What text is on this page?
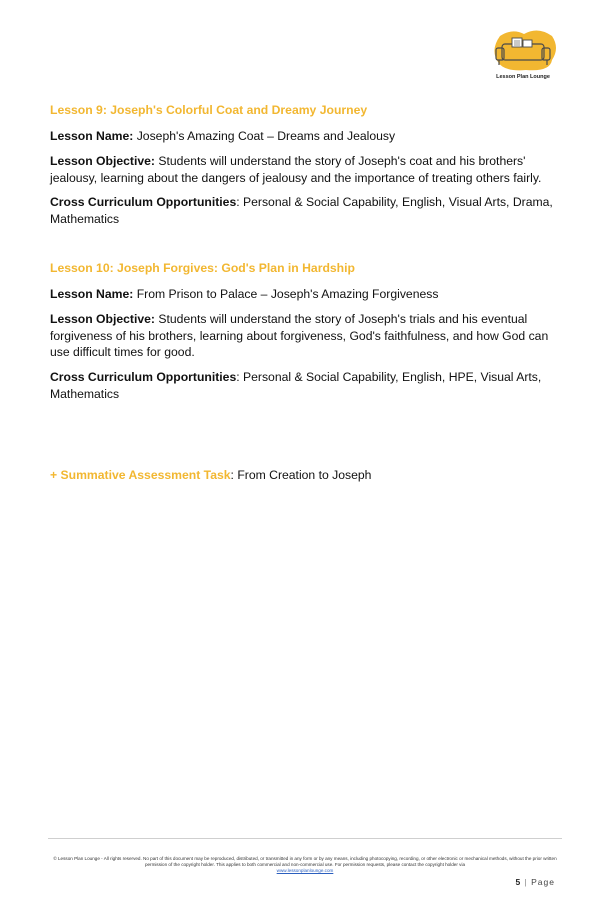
Lesson Plan Lounge
Lesson 9: Joseph's Colorful Coat and Dreamy Journey

Lesson Name: Joseph's Amazing Coat – Dreams and Jealousy

Lesson Objective: Students will understand the story of Joseph's coat and his brothers' jealousy, learning about the dangers of jealousy and the importance of treating others fairly.

Cross Curriculum Opportunities: Personal & Social Capability, English, Visual Arts, Drama, Mathematics

Lesson 10: Joseph Forgives: God's Plan in Hardship

Lesson Name: From Prison to Palace – Joseph's Amazing Forgiveness

Lesson Objective: Students will understand the story of Joseph's trials and his eventual forgiveness of his brothers, learning about forgiveness, God's faithfulness, and how God can use difficult times for good.

Cross Curriculum Opportunities: Personal & Social Capability, English, HPE, Visual Arts, Mathematics

+ Summative Assessment Task: From Creation to Joseph
© Lesson Plan Lounge - All rights reserved. No part of this document may be reproduced, distributed, or transmitted in any form or by any means, including photocopying, recording, or other electronic or mechanical methods, without the prior written permission of the copyright holder. This applies to both commercial and non-commercial use. For permission requests, please contact the copyright holder via
www.lessonplanlounge.com
5 | Page
